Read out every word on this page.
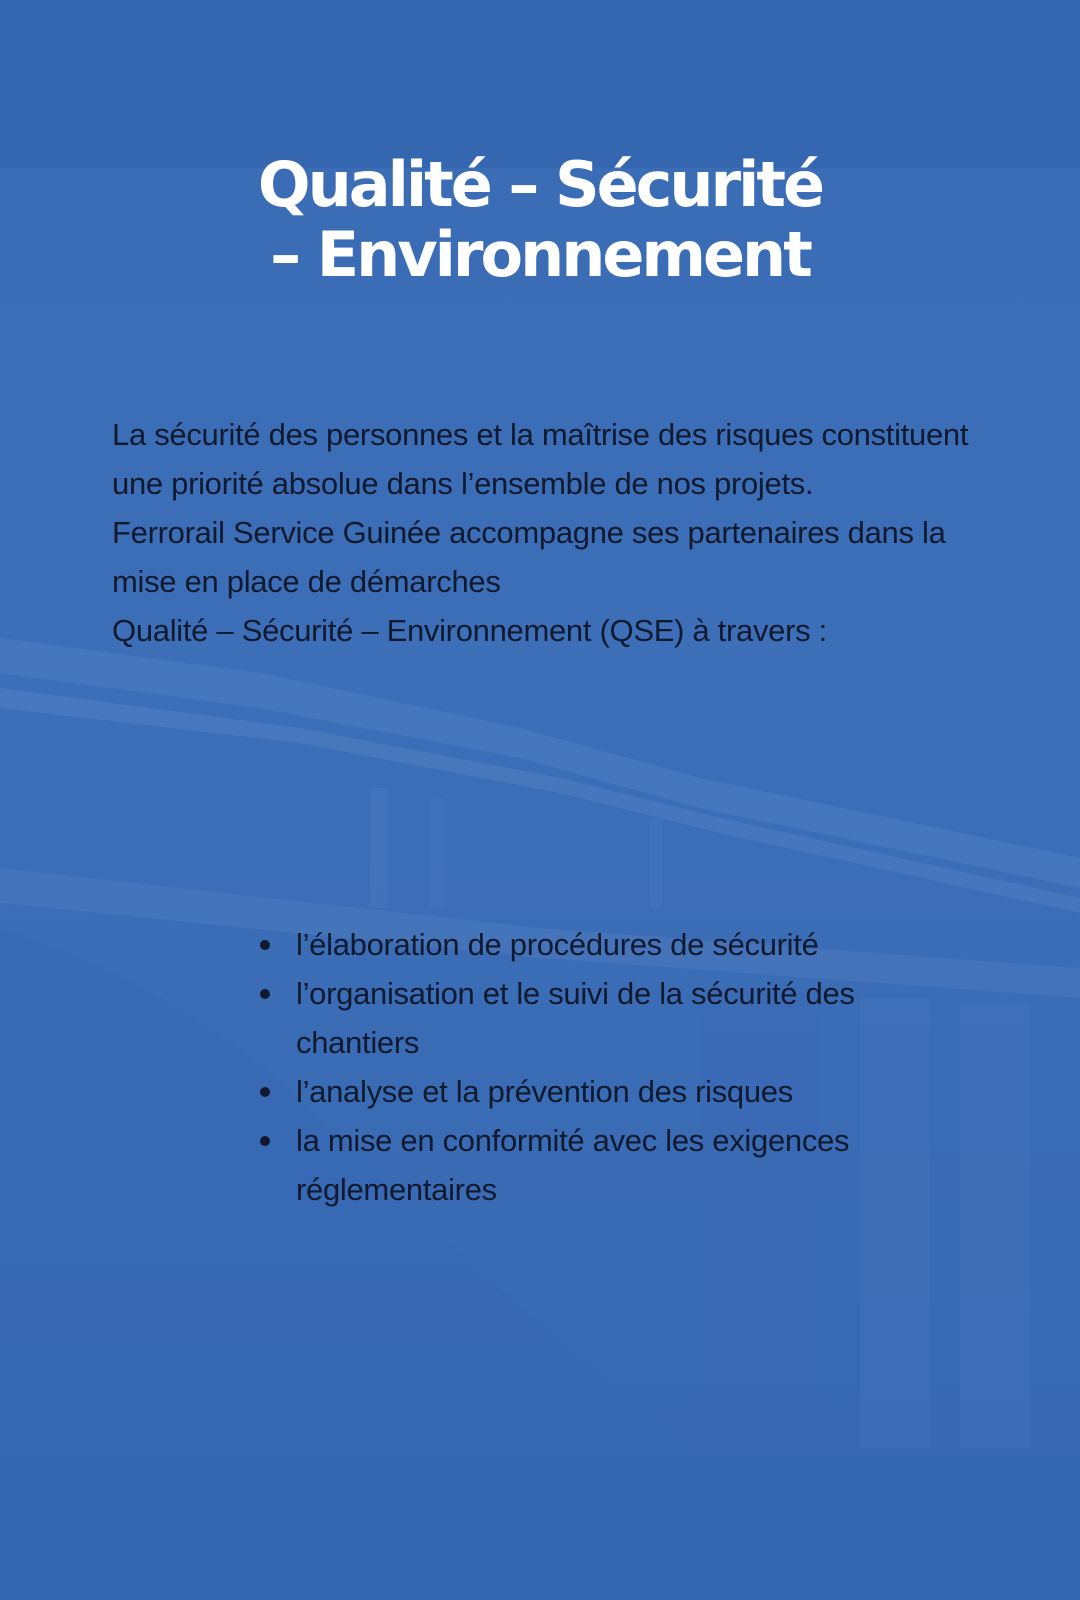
Qualité – Sécurité
– Environnement

La sécurité des personnes et la maîtrise des risques constituent une priorité absolue dans l’ensemble de nos projets.

Ferrorail Service Guinée accompagne ses partenaires dans la mise en place de démarches

Qualité – Sécurité – Environnement (QSE) à travers :

l’élaboration de procédures de sécurité
l’organisation et le suivi de la sécurité des chantiers
l’analyse et la prévention des risques
la mise en conformité avec les exigences réglementaires
